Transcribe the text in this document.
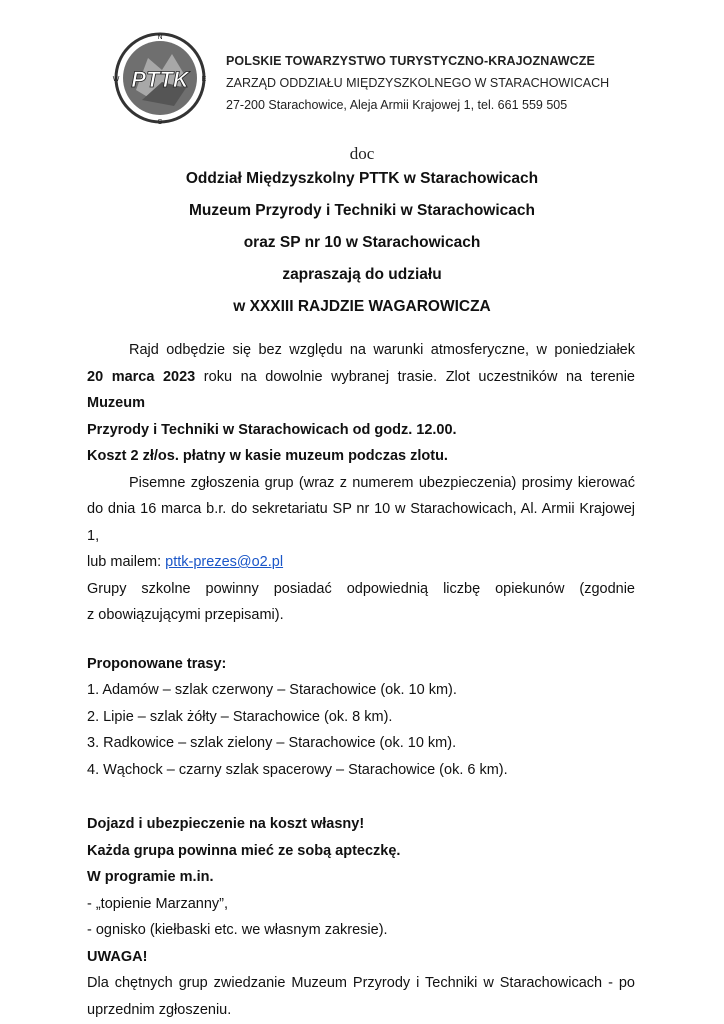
PTTK
N
S
W	E
POLSKIE TOWARZYSTWO TURYSTYCZNO-KRAJOZNAWCZE
ZARZĄD ODDZIAŁU MIĘDZYSZKOLNEGO W STARACHOWICACH
27-200 Starachowice, Aleja Armii Krajowej 1, tel. 661 559 505
doc
Oddział Międzyszkolny PTTK w Starachowicach
Muzeum Przyrody i Techniki w Starachowicach
oraz SP nr 10 w Starachowicach
zapraszają do udziału
w XXXIII RAJDZIE WAGAROWICZA

Rajd odbędzie się bez względu na warunki atmosferyczne, w poniedziałek

20 marca 2023 roku na dowolnie wybranej trasie. Zlot uczestników na terenie Muzeum

Przyrody i Techniki w Starachowicach od godz. 12.00.

Koszt 2 zł/os. płatny w kasie muzeum podczas zlotu.

Pisemne zgłoszenia grup (wraz z numerem ubezpieczenia) prosimy kierować

do dnia 16 marca b.r. do sekretariatu SP nr 10 w Starachowicach, Al. Armii Krajowej 1,

lub mailem: pttk-prezes@o2.pl

Grupy szkolne powinny posiadać odpowiednią liczbę opiekunów (zgodnie

z obowiązującymi przepisami).

Proponowane trasy:

1. Adamów – szlak czerwony – Starachowice (ok. 10 km).

2. Lipie – szlak żółty – Starachowice (ok. 8 km).

3. Radkowice – szlak zielony – Starachowice (ok. 10 km).

4. Wąchock – czarny szlak spacerowy – Starachowice (ok. 6 km).

Dojazd i ubezpieczenie na koszt własny!

Każda grupa powinna mieć ze sobą apteczkę.

W programie m.in.

- „topienie Marzanny”,

- ognisko (kiełbaski etc. we własnym zakresie).

UWAGA!

Dla chętnych grup zwiedzanie Muzeum Przyrody i Techniki w Starachowicach - po

uprzednim zgłoszeniu.
